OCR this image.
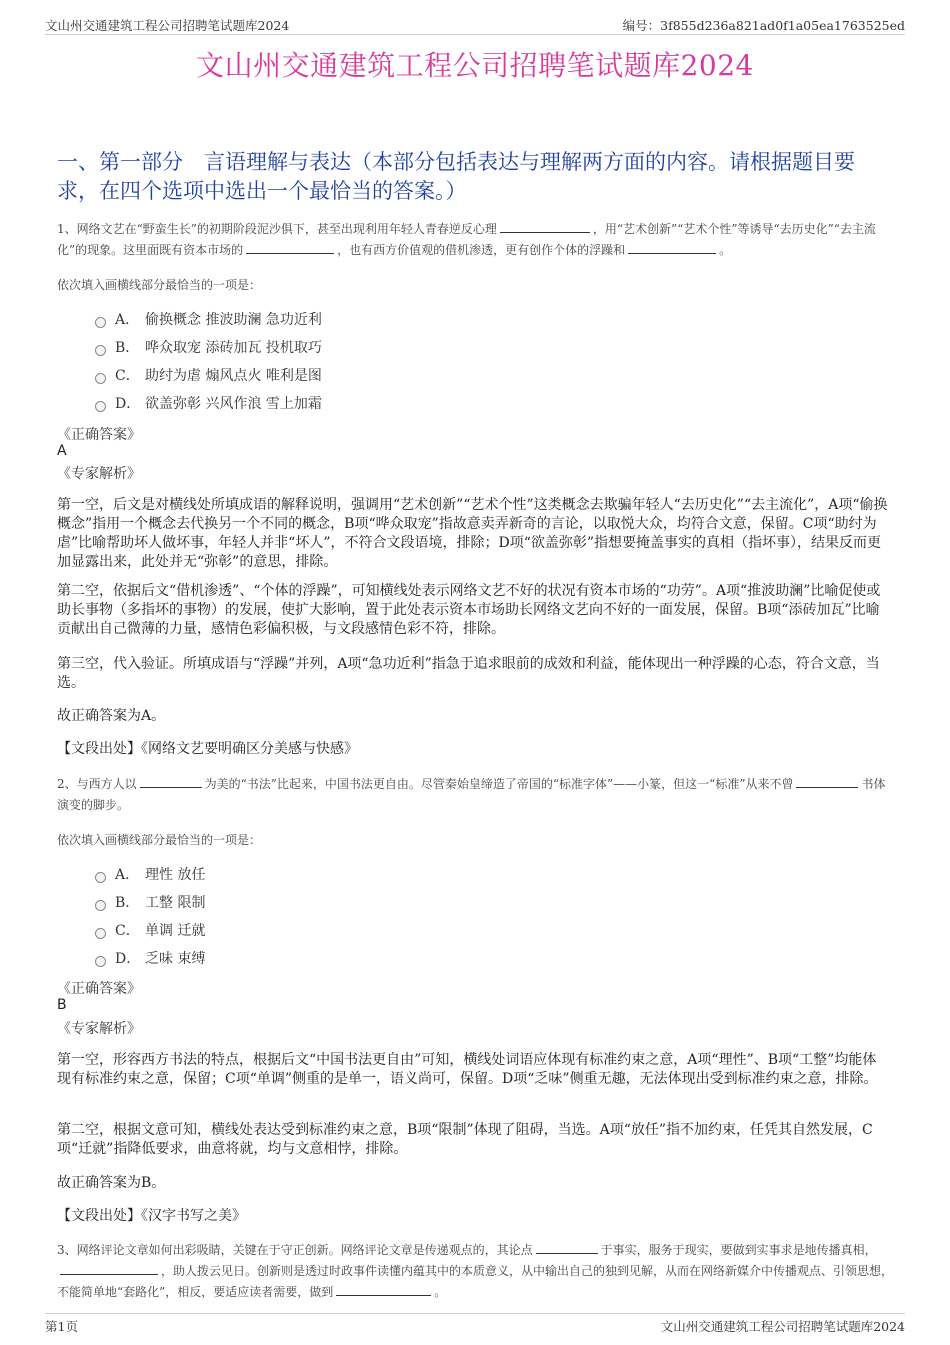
文山州交通建筑工程公司招聘笔试题库2024	编号：3f855d236a821ad0f1a05ea1763525ed
文山州交通建筑工程公司招聘笔试题库2024
一、第一部分　言语理解与表达（本部分包括表达与理解两方面的内容。请根据题目要求，在四个选项中选出一个最恰当的答案。）
1、网络文艺在“野蛮生长”的初期阶段泥沙俱下，甚至出现利用年轻人青春逆反心理	，用“艺术创新”“艺术个性”等诱导“去历史化”“去主流化”的现象。这里面既有资本市场的	，也有西方价值观的借机渗透，更有创作个体的浮躁和	。
依次填入画横线部分最恰当的一项是：
A． 偷换概念 推波助澜 急功近利
B． 哗众取宠 添砖加瓦 投机取巧
C． 助纣为虐 煽风点火 唯利是图
D． 欲盖弥彰 兴风作浪 雪上加霜
《正确答案》
A
《专家解析》
第一空，后文是对横线处所填成语的解释说明，强调用“艺术创新”“艺术个性”这类概念去欺骗年轻人“去历史化”“去主流化”，A项“偷换概念”指用一个概念去代换另一个不同的概念，B项“哗众取宠”指故意卖弄新奇的言论，以取悦大众，均符合文意，保留。C项“助纣为虐”比喻帮助坏人做坏事，年轻人并非“坏人”，不符合文段语境，排除；D项“欲盖弥彰”指想要掩盖事实的真相（指坏事），结果反而更加显露出来，此处并无“弥彰”的意思，排除。
第二空，依据后文“借机渗透”、“个体的浮躁”，可知横线处表示网络文艺不好的状况有资本市场的“功劳”。A项“推波助澜”比喻促使或助长事物（多指坏的事物）的发展，使扩大影响，置于此处表示资本市场助长网络文艺向不好的一面发展，保留。B项“添砖加瓦”比喻贡献出自己微薄的力量，感情色彩偏积极，与文段感情色彩不符，排除。
第三空，代入验证。所填成语与“浮躁”并列，A项“急功近利”指急于追求眼前的成效和利益，能体现出一种浮躁的心态，符合文意，当选。
故正确答案为A。
【文段出处】《网络文艺要明确区分美感与快感》
2、与西方人以	为美的“书法”比起来，中国书法更自由。尽管秦始皇缔造了帝国的“标准字体”——小篆，但这一“标准”从来不曾	书体演变的脚步。
依次填入画横线部分最恰当的一项是：
A． 理性 放任
B． 工整 限制
C． 单调 迁就
D． 乏味 束缚
《正确答案》
B
《专家解析》
第一空，形容西方书法的特点，根据后文“中国书法更自由”可知，横线处词语应体现有标准约束之意，A项“理性”、B项“工整”均能体现有标准约束之意，保留；C项“单调”侧重的是单一，语义尚可，保留。D项“乏味”侧重无趣，无法体现出受到标准约束之意，排除。
第二空，根据文意可知，横线处表达受到标准约束之意，B项“限制”体现了阻碍，当选。A项“放任”指不加约束，任凭其自然发展，C项“迁就”指降低要求，曲意将就，均与文意相悖，排除。
故正确答案为B。
【文段出处】《汉字书写之美》
3、网络评论文章如何出彩吸睛，关键在于守正创新。网络评论文章是传递观点的，其论点	于事实，服务于现实，要做到实事求是地传播真相，，助人拨云见日。创新则是透过时政事件读懂内蕴其中的本质意义，从中输出自己的独到见解，从而在网络新媒介中传播观点、引领思想，不能简单地“套路化”，相反，要适应读者需要，做到	。
第1页	文山州交通建筑工程公司招聘笔试题库2024
